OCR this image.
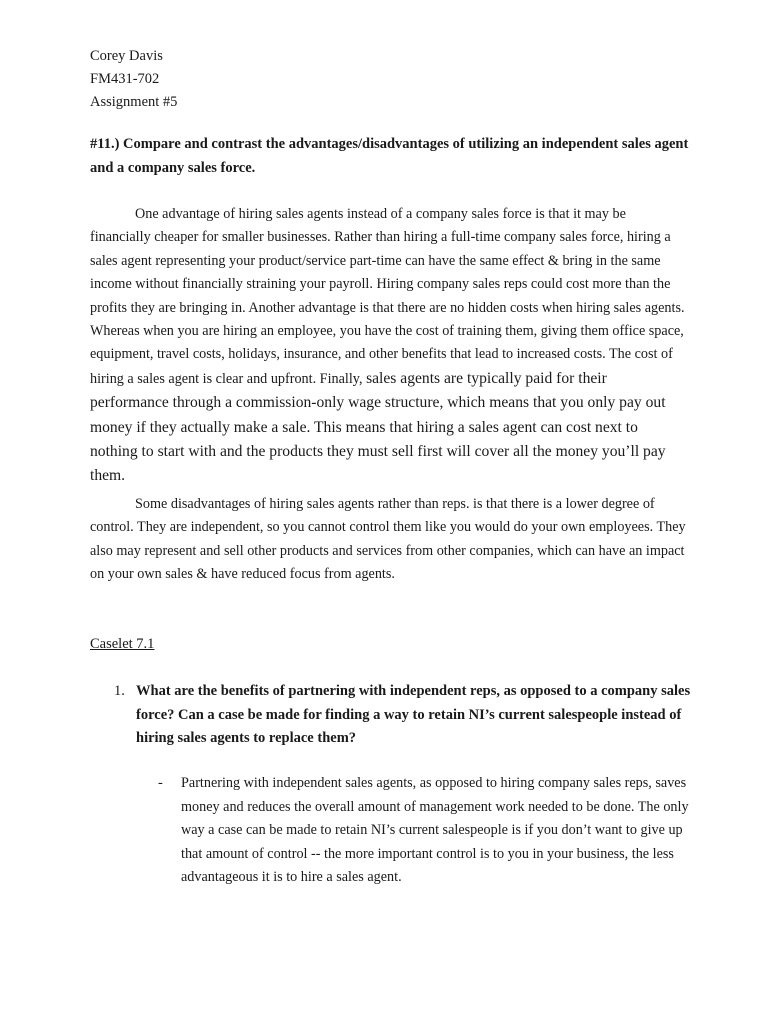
Corey Davis
FM431-702
Assignment #5
#11.) Compare and contrast the advantages/disadvantages of utilizing an independent sales agent and a company sales force.

One advantage of hiring sales agents instead of a company sales force is that it may be financially cheaper for smaller businesses. Rather than hiring a full-time company sales force, hiring a sales agent representing your product/service part-time can have the same effect & bring in the same income without financially straining your payroll. Hiring company sales reps could cost more than the profits they are bringing in. Another advantage is that there are no hidden costs when hiring sales agents. Whereas when you are hiring an employee, you have the cost of training them, giving them office space, equipment, travel costs, holidays, insurance, and other benefits that lead to increased costs. The cost of hiring a sales agent is clear and upfront. Finally, sales agents are typically paid for their performance through a commission-only wage structure, which means that you only pay out money if they actually make a sale. This means that hiring a sales agent can cost next to nothing to start with and the products they must sell first will cover all the money you’ll pay them.

Some disadvantages of hiring sales agents rather than reps. is that there is a lower degree of control. They are independent, so you cannot control them like you would do your own employees. They also may represent and sell other products and services from other companies, which can have an impact on your own sales & have reduced focus from agents.

Caselet 7.1
1. What are the benefits of partnering with independent reps, as opposed to a company sales force? Can a case be made for finding a way to retain NI’s current salespeople instead of hiring sales agents to replace them?
- Partnering with independent sales agents, as opposed to hiring company sales reps, saves money and reduces the overall amount of management work needed to be done. The only way a case can be made to retain NI’s current salespeople is if you don’t want to give up that amount of control -- the more important control is to you in your business, the less advantageous it is to hire a sales agent.
